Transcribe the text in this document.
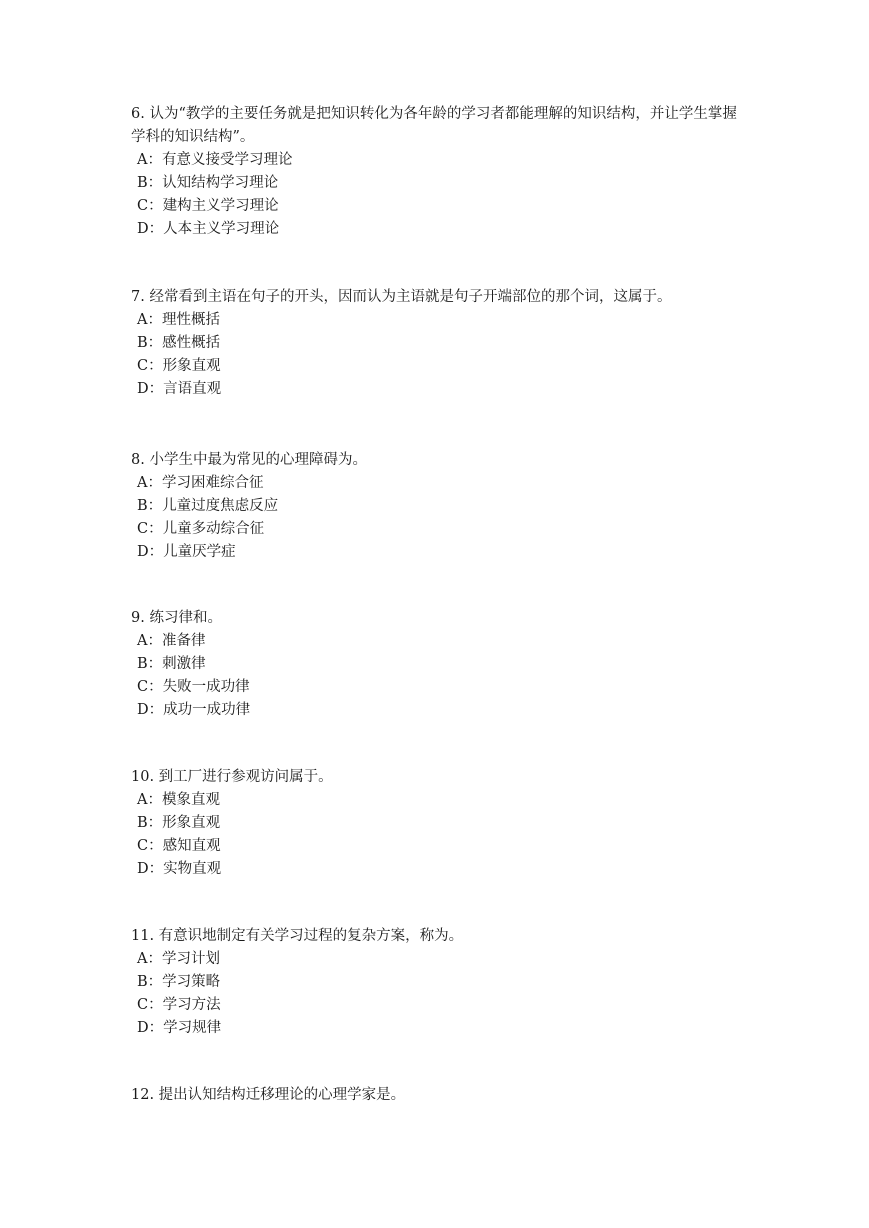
6. 认为“教学的主要任务就是把知识转化为各年龄的学习者都能理解的知识结构，并让学生掌握学科的知识结构”。

A：有意义接受学习理论

B：认知结构学习理论

C：建构主义学习理论

D：人本主义学习理论

7. 经常看到主语在句子的开头，因而认为主语就是句子开端部位的那个词，这属于。

A：理性概括

B：感性概括

C：形象直观

D：言语直观

8. 小学生中最为常见的心理障碍为。

A：学习困难综合征

B：儿童过度焦虑反应

C：儿童多动综合征

D：儿童厌学症

9. 练习律和。

A：准备律

B：刺激律

C：失败一成功律

D：成功一成功律

10. 到工厂进行参观访问属于。

A：模象直观

B：形象直观

C：感知直观

D：实物直观

11. 有意识地制定有关学习过程的复杂方案，称为。

A：学习计划

B：学习策略

C：学习方法

D：学习规律

12. 提出认知结构迁移理论的心理学家是。
